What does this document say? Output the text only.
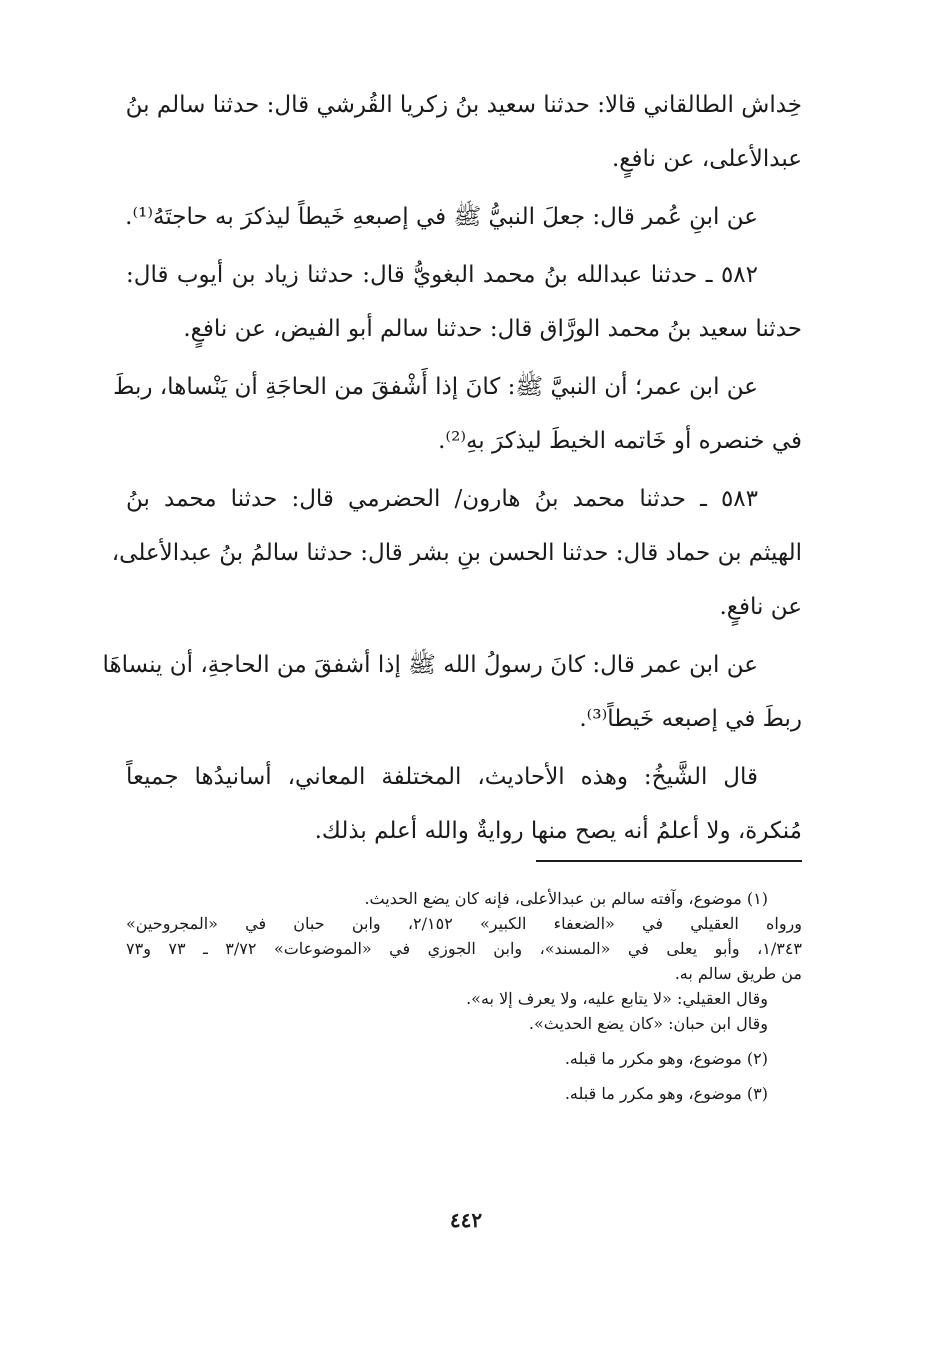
خِداش الطالقاني قالا: حدثنا سعيد بنُ زكريا القُرشي قال: حدثنا سالم بنُ
عبدالأعلى، عن نافعٍ.
عن ابنِ عُمر قال: جعلَ النبيُّ ﷺ في إصبعهِ خَيطاً ليذكرَ به حاجتَهُ⁽¹⁾.
٥٨٢ ـ حدثنا عبدالله بنُ محمد البغويُّ قال: حدثنا زياد بن أيوب قال:
حدثنا سعيد بنُ محمد الورَّاق قال: حدثنا سالم أبو الفيض، عن نافعٍ.
عن ابن عمر؛ أن النبيَّ ﷺ: كانَ إذا أَشْفقَ من الحاجَةِ أن يَنْساها، ربطَ
في خنصره أو خَاتمه الخيطَ ليذكرَ بهِ⁽²⁾.
٥٨٣ ـ حدثنا محمد بنُ هارون/ الحضرمي قال: حدثنا محمد بنُ
الهيثم بن حماد قال: حدثنا الحسن بنِ بشر قال: حدثنا سالمُ بنُ عبدالأعلى،
عن نافعٍ.
عن ابن عمر قال: كانَ رسولُ الله ﷺ إذا أشفقَ من الحاجةِ، أن ينساهَا
ربطَ في إصبعه خَيطاً⁽³⁾.
قال الشَّيخُ: وهذه الأحاديث، المختلفة المعاني، أسانيدُها جميعاً
مُنكرة، ولا أعلمُ أنه يصح منها روايةٌ والله أعلم بذلك.
(١) موضوع، وآفته سالم بن عبدالأعلى، فإنه كان يضع الحديث.
ورواه العقيلي في «الضعفاء الكبير» ٢/١٥٢، وابن حبان في «المجروحين»
١/٣٤٣، وأبو يعلى في «المسند»، وابن الجوزي في «الموضوعات» ٣/٧٢ ـ ٧٣ و٧٣
من طريق سالم به.
وقال العقيلي: «لا يتابع عليه، ولا يعرف إلا به».
وقال ابن حبان: «كان يضع الحديث».
(٢) موضوع، وهو مكرر ما قبله.
(٣) موضوع، وهو مكرر ما قبله.
٤٤٢
